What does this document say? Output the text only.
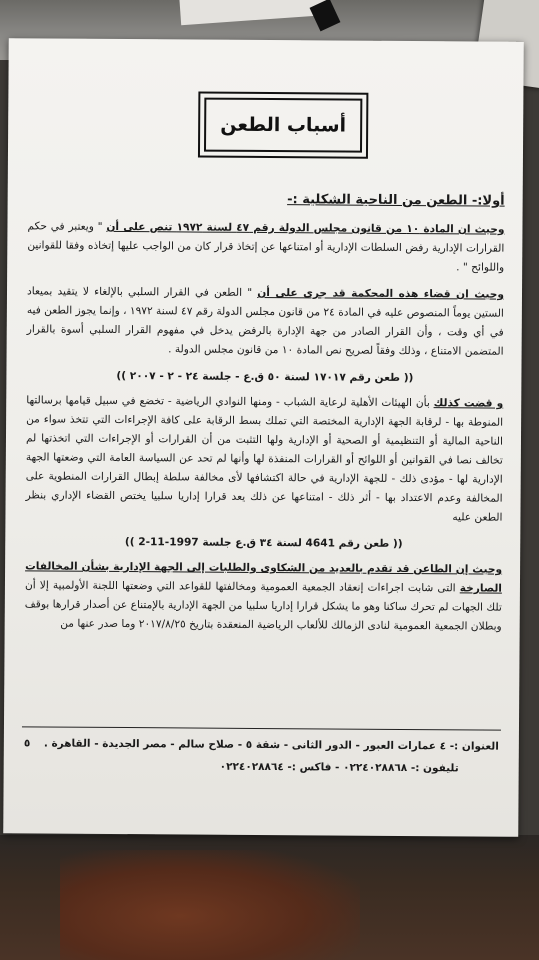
أسباب الطعن

أولا:- الطعن من الناحية الشكلية :-

وحيث ان المادة ١٠ من قانون مجلس الدولة رقم ٤٧ لسنة ١٩٧٢ تنص على أن " ويعتبر في حكم القرارات الإدارية رفض السلطات الإدارية أو امتناعها عن إتخاذ قرار كان من الواجب عليها إتخاذه وفقا للقوانين واللوائح " .

وحيث ان قضاء هذه المحكمة قد جرى على أن " الطعن في القرار السلبي بالإلغاء لا يتقيد بميعاد الستين يوماً المنصوص عليه في المادة ٢٤ من قانون مجلس الدولة رقم ٤٧ لسنة ١٩٧٢ ، وإنما يجوز الطعن فيه في أي وقت ، وأن القرار الصادر من جهة الإدارة بالرفض يدخل في مفهوم القرار السلبي أسوة بالقرار المتضمن الامتناع ، وذلك وفقاً لصريح نص المادة ١٠ من قانون مجلس الدولة .

(( طعن رقم ١٧٠١٧ لسنة ٥٠ ق.ع - جلسة ٢٤ - ٢ - ٢٠٠٧ ))

و قضت كذلك بأن الهيئات الأهلية لرعاية الشباب - ومنها النوادي الرياضية - تخضع في سبيل قيامها برسالتها المنوطة بها - لرقابة الجهة الإدارية المختصة التي تملك بسط الرقابة على كافة الإجراءات التي تتخذ سواء من الناحية المالية أو التنظيمية أو الصحية أو الإدارية ولها التثبت من أن القرارات أو الإجراءات التي اتخذتها لم تخالف نصا في القوانين أو اللوائح أو القرارات المنفذة لها وأنها لم تحد عن السياسة العامة التي وضعتها الجهة الإدارية لها - مؤدى ذلك - للجهة الإدارية في حالة اكتشافها لأى مخالفة سلطة إبطال القرارات المنطوية على المخالفة وعدم الاعتداد بها - أثر ذلك - امتناعها عن ذلك يعد قرارا إداريا سلبيا يختص القضاء الإداري بنظر الطعن عليه

(( طعن رقم 4641 لسنة ٣٤ ق.ع جلسة 1997-11-2 ))

وحيث إن الطاعن قد تقدم بالعديد من الشكاوى والطلبات إلى الجهة الإدارية بشأن المخالفات الصارخة التى شابت اجراءات إنعقاد الجمعية العمومية ومخالفتها للقواعد التي وضعتها اللجنة الأولمبية إلا أن تلك الجهات لم تحرك ساكنا وهو ما يشكل قرارا إداريا سلبيا من الجهة الإدارية بالإمتناع عن أصدار قرارها بوقف وبطلان الجمعية العمومية لنادى الزمالك للألعاب الرياضية المنعقدة بتاريخ ٢٠١٧/٨/٢٥ وما صدر عنها من

العنوان :- ٤ عمارات العبور - الدور الثانى - شقة ٥ - صلاح سالم - مصر الجديدة - القاهرة .
٥
تليفون :- ٠٢٢٤٠٢٨٨٦٨ - فاكس :- ٠٢٢٤٠٢٨٨٦٤
